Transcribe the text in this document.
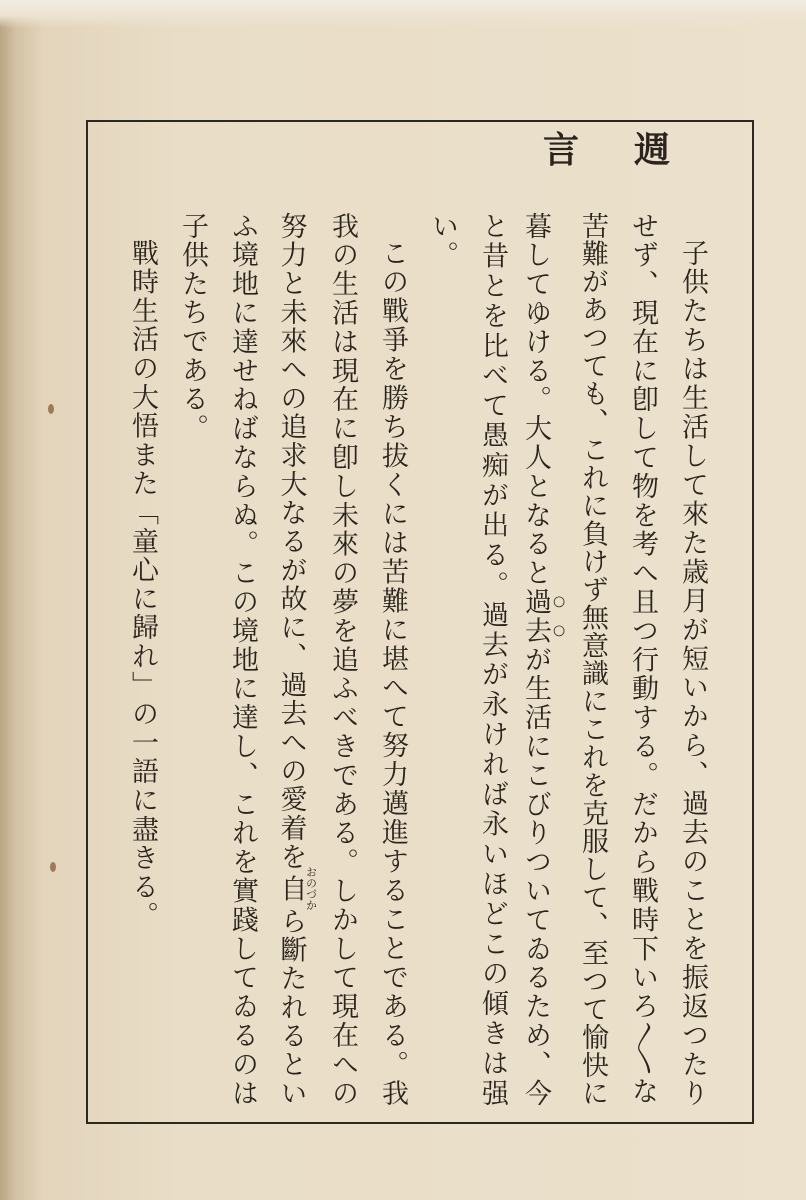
週言
子供たちは生活して來た歳月が短いから、過去のことを振返つたり
せず、現在に卽して物を考へ且つ行動する。だから戰時下いろ〳〵な
苦難があつても、これに負けず無意識にこれを克服して、至つて愉快に
暮してゆける。大人となると過去が生活にこびりついてゐるため、今
と昔とを比べて愚痴が出る。過去が永ければ永いほどこの傾きは强
い。
この戰爭を勝ち拔くには苦難に堪へて努力邁進することである。我
我の生活は現在に卽し未來の夢を追ふべきである。しかして現在への
努力と未來への追求大なるが故に、過去への愛着を自おのづから斷たれるとい
ふ境地に達せねばならぬ。この境地に達し、これを實踐してゐるのは
子供たちである。
戰時生活の大悟また「童心に歸れ」の一語に盡きる。
